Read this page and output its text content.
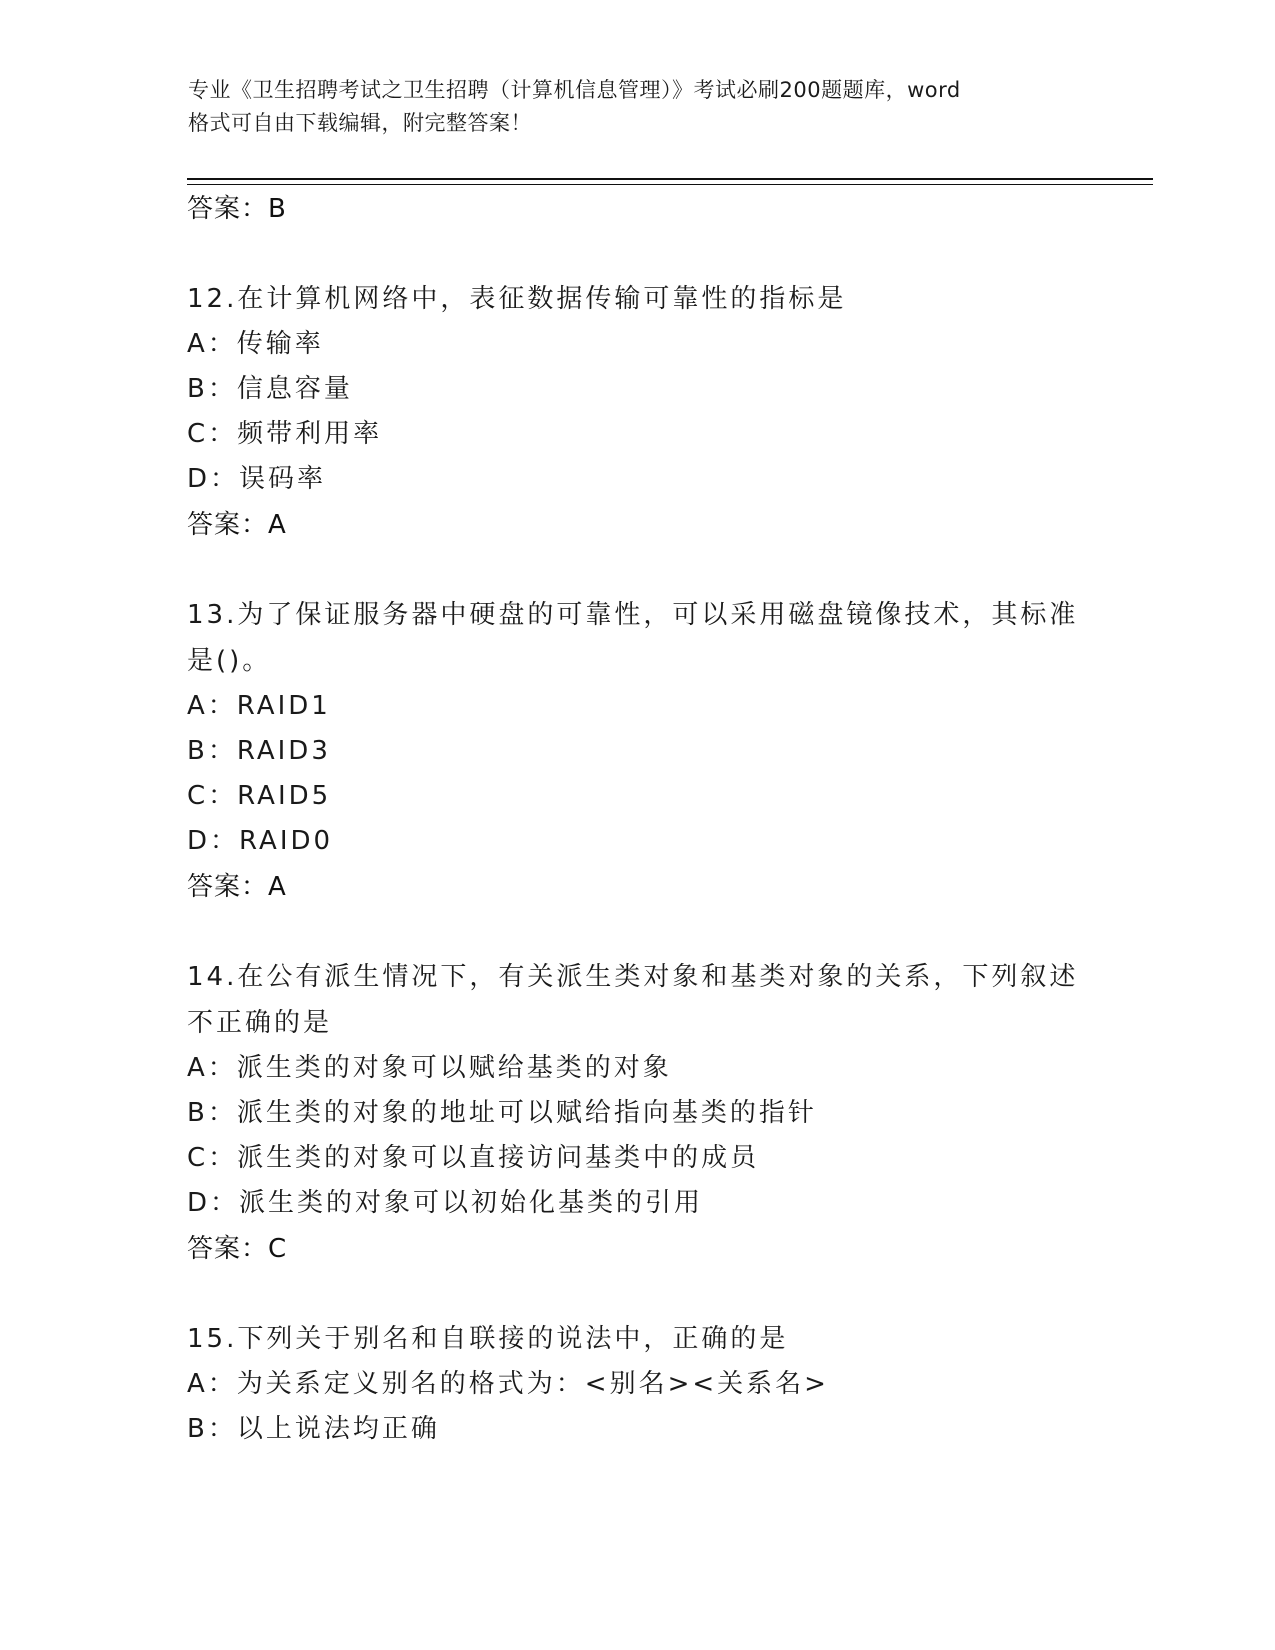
专业《卫生招聘考试之卫生招聘（计算机信息管理）》考试必刷200题题库，word
格式可自由下载编辑，附完整答案！
答案：B
12.在计算机网络中，表征数据传输可靠性的指标是
A：传输率
B：信息容量
C：频带利用率
D：误码率
答案：A
13.为了保证服务器中硬盘的可靠性，可以采用磁盘镜像技术，其标准
是()。
A：RAID1
B：RAID3
C：RAID5
D：RAID0
答案：A
14.在公有派生情况下，有关派生类对象和基类对象的关系，下列叙述
不正确的是
A：派生类的对象可以赋给基类的对象
B：派生类的对象的地址可以赋给指向基类的指针
C：派生类的对象可以直接访问基类中的成员
D：派生类的对象可以初始化基类的引用
答案：C
15.下列关于别名和自联接的说法中，正确的是
A：为关系定义别名的格式为：<别名><关系名>
B：以上说法均正确
